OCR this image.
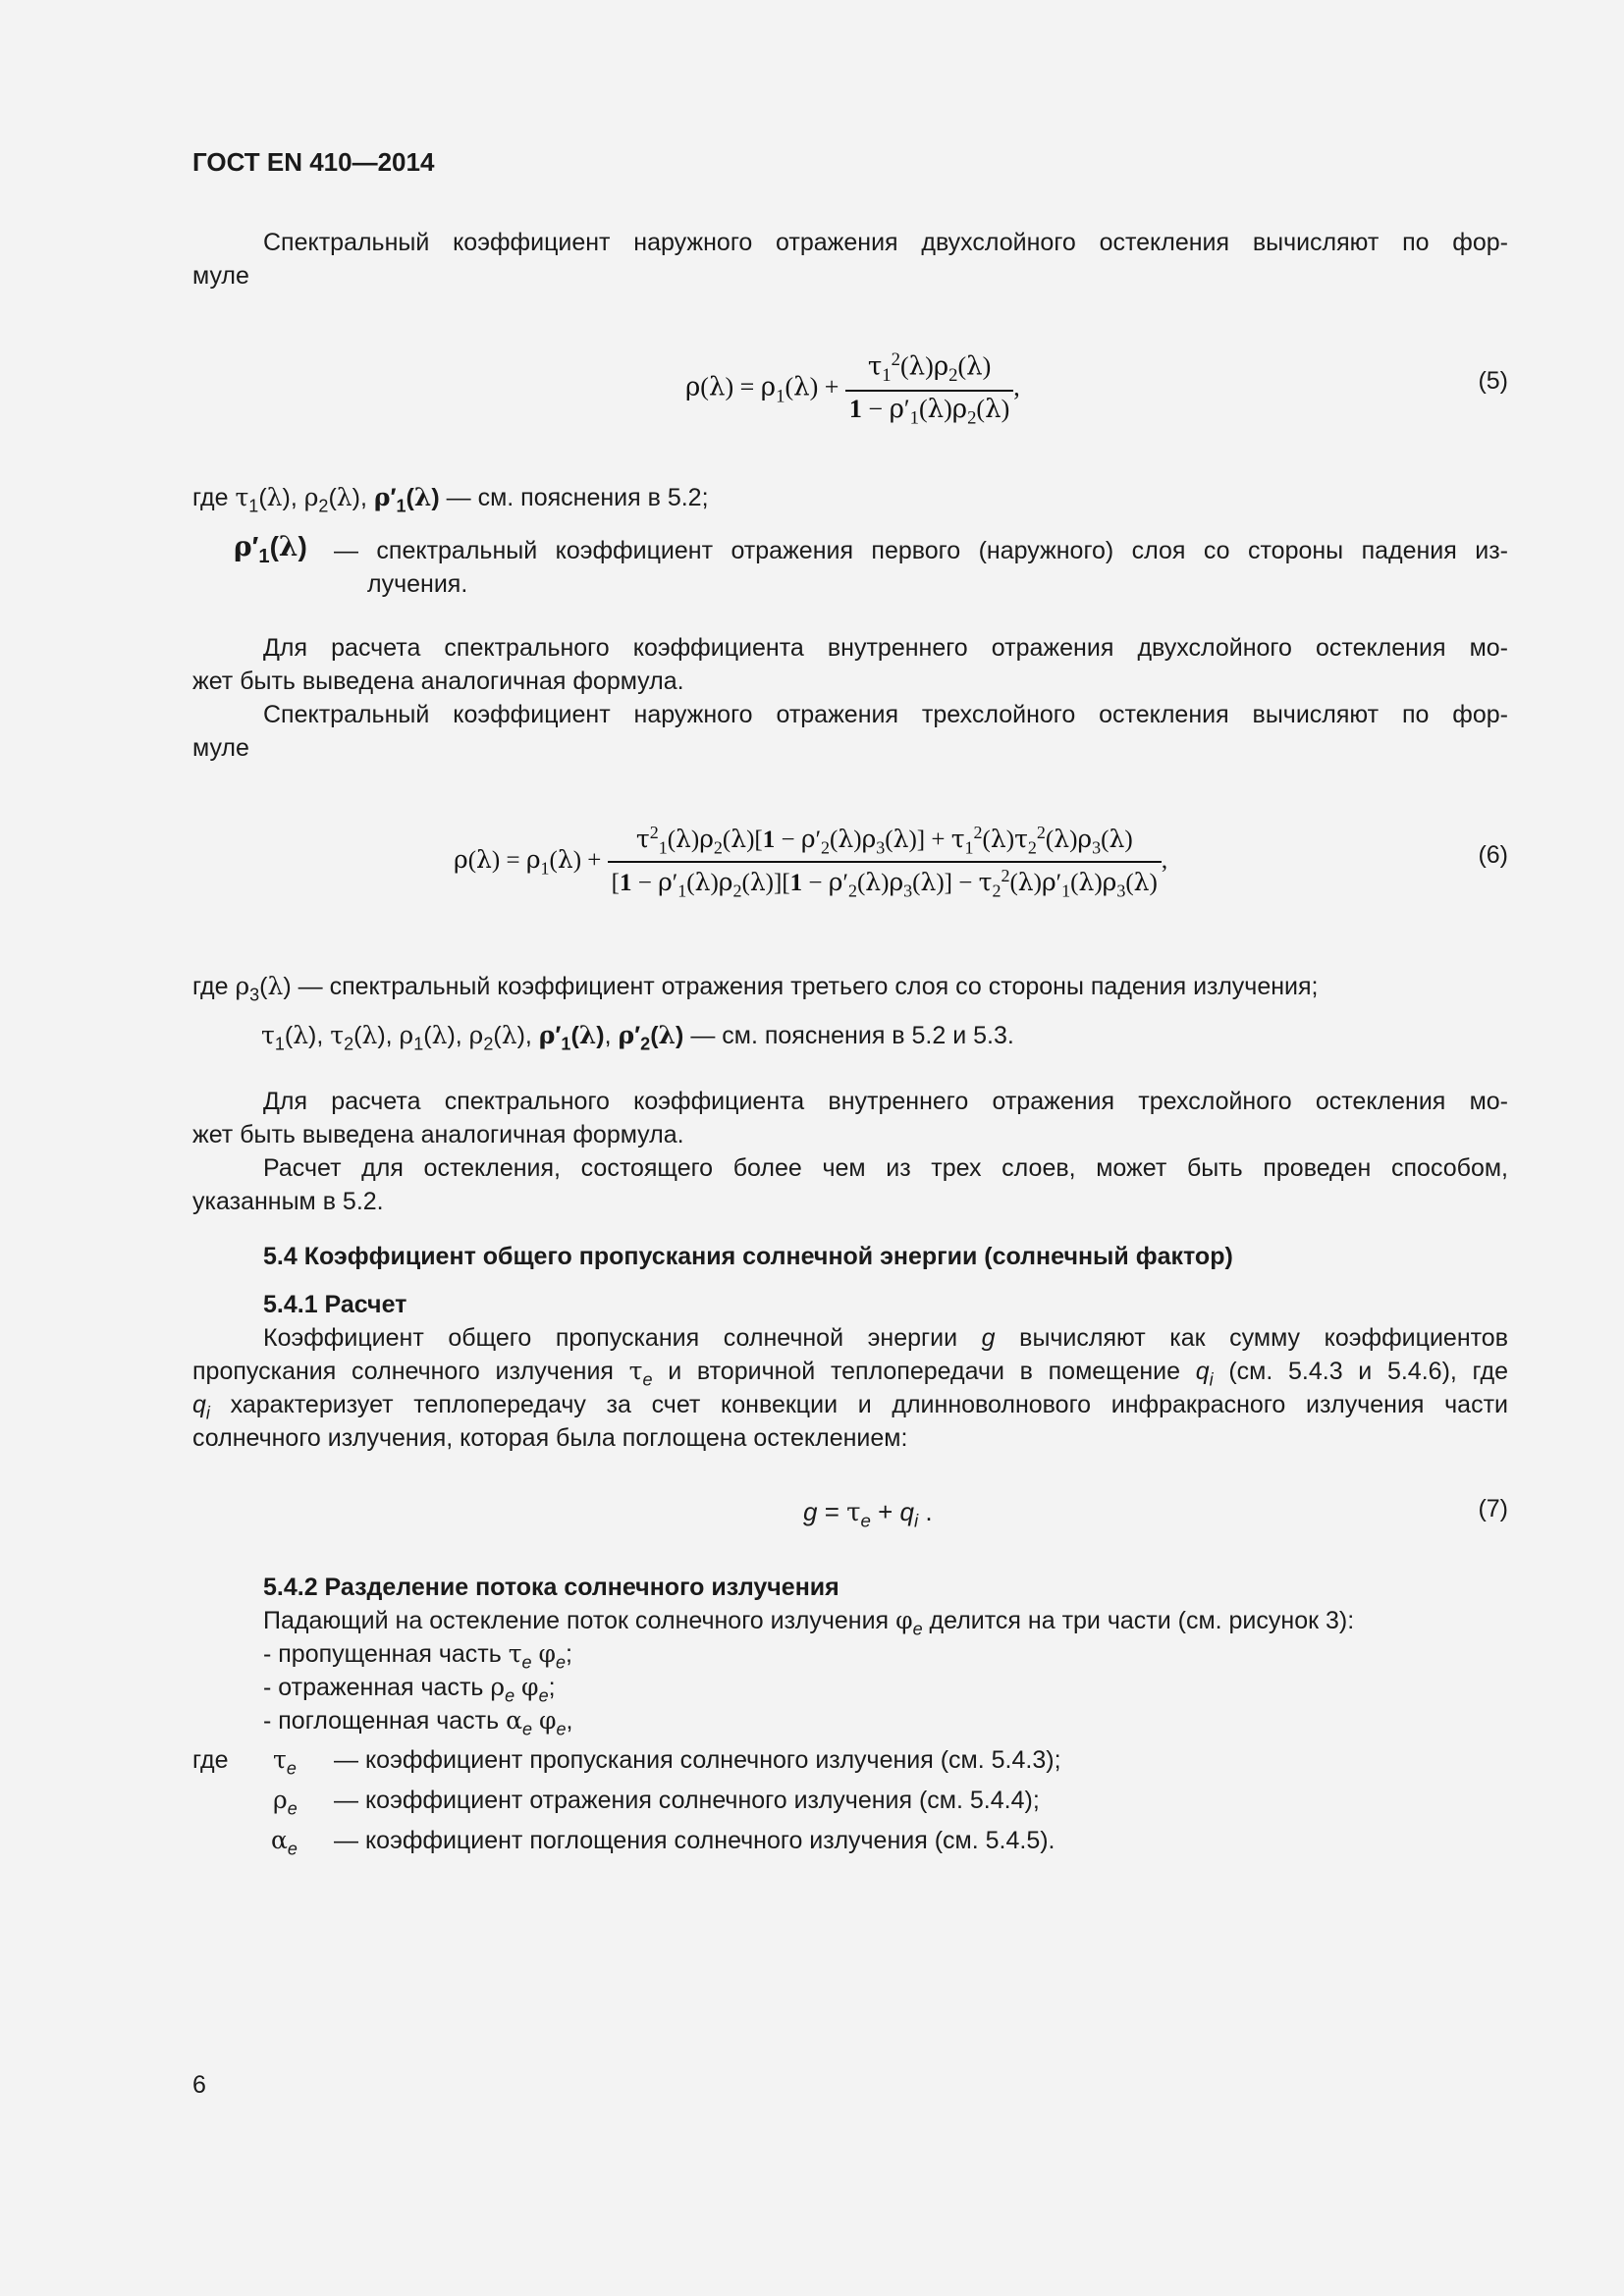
ГОСТ EN 410—2014
Спектральный коэффициент наружного отражения двухслойного остекления вычисляют по фор-
муле
$\rho(\lambda) = \rho_1(\lambda) + \frac{\tau_1^2(\lambda)\rho_2(\lambda)}{1 - \rho'_1(\lambda)\rho_2(\lambda)}$ ,	(5)
где $\tau_1(\lambda)$, $\rho_2(\lambda)$, $\rho'_1(\lambda)$ — см. пояснения в 5.2;
$\rho'_1(\lambda)$ — спектральный коэффициент отражения первого (наружного) слоя со стороны падения из-
лучения.
Для расчета спектрального коэффициента внутреннего отражения двухслойного остекления мо-
жет быть выведена аналогичная формула.
Спектральный коэффициент наружного отражения трехслойного остекления вычисляют по фор-
муле
$\rho(\lambda) = \rho_1(\lambda) + \frac{\tau^2_1(\lambda)\rho_2(\lambda)[1 - \rho'_2(\lambda)\rho_3(\lambda)] + \tau_1^2(\lambda)\tau_2^2(\lambda)\rho_3(\lambda)}{[1 - \rho'_1(\lambda)\rho_2(\lambda)][1 - \rho'_2(\lambda)\rho_3(\lambda)] - \tau_2^2(\lambda)\rho'_1(\lambda)\rho_3(\lambda)}$ ,	(6)
где $\rho_3(\lambda)$ — спектральный коэффициент отражения третьего слоя со стороны падения излучения;
$\tau_1(\lambda)$, $\tau_2(\lambda)$, $\rho_1(\lambda)$, $\rho_2(\lambda)$, $\rho'_1(\lambda)$, $\rho'_2(\lambda)$ — см. пояснения в 5.2 и 5.3.
Для расчета спектрального коэффициента внутреннего отражения трехслойного остекления мо-
жет быть выведена аналогичная формула.
Расчет для остекления, состоящего более чем из трех слоев, может быть проведен способом,
указанным в 5.2.
5.4 Коэффициент общего пропускания солнечной энергии (солнечный фактор)
5.4.1 Расчет
Коэффициент общего пропускания солнечной энергии g вычисляют как сумму коэффициентов
пропускания солнечного излучения $\tau_e$ и вторичной теплопередачи в помещение $q_i$ (см. 5.4.3 и 5.4.6), где
$q_i$ характеризует теплопередачу за счет конвекции и длинноволнового инфракрасного излучения части
солнечного излучения, которая была поглощена остеклением:
$g = \tau_e + q_i$ .	(7)
5.4.2 Разделение потока солнечного излучения
Падающий на остекление поток солнечного излучения $\varphi_e$ делится на три части (см. рисунок 3):
- пропущенная часть $\tau_e$ $\varphi_e$;
- отраженная часть $\rho_e$ $\varphi_e$;
- поглощенная часть $\alpha_e$ $\varphi_e$,
где $\tau_e$ — коэффициент пропускания солнечного излучения (см. 5.4.3);
$\rho_e$ — коэффициент отражения солнечного излучения (см. 5.4.4);
$\alpha_e$ — коэффициент поглощения солнечного излучения (см. 5.4.5).
6
